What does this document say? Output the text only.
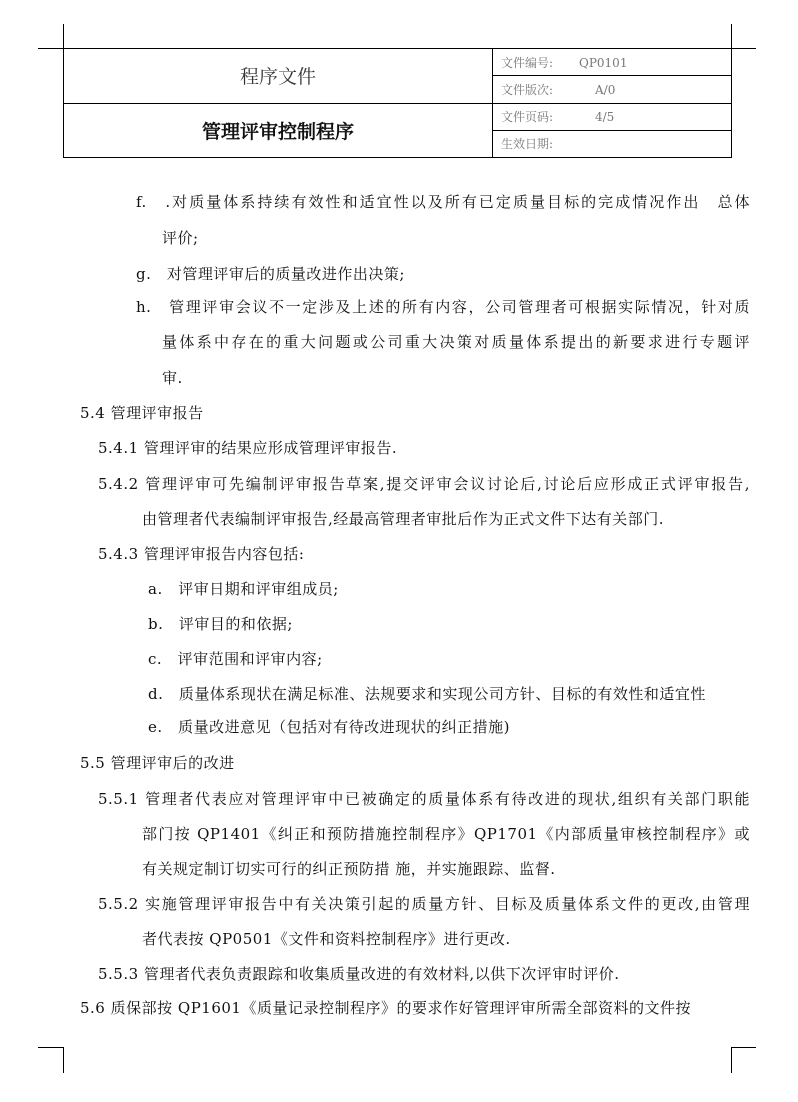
程序文件	文件编号: QP0101
	文件版次: A/0
管理评审控制程序	文件页码: 4/5
	生效日期:
f.　.对质量体系持续有效性和适宜性以及所有已定质量目标的完成情况作出　总体
评价;
g.　对管理评审后的质量改进作出决策;
h.　管理评审会议不一定涉及上述的所有内容，公司管理者可根据实际情况，针对质
量体系中存在的重大问题或公司重大决策对质量体系提出的新要求进行专题评
审.
5.4 管理评审报告
5.4.1 管理评审的结果应形成管理评审报告.
5.4.2 管理评审可先编制评审报告草案,提交评审会议讨论后,讨论后应形成正式评审报告,
由管理者代表编制评审报告,经最高管理者审批后作为正式文件下达有关部门.
5.4.3 管理评审报告内容包括:
a.　评审日期和评审组成员;
b.　评审目的和依据;
c.　评审范围和评审内容;
d.　质量体系现状在满足标准、法规要求和实现公司方针、目标的有效性和适宜性
e.　质量改进意见（包括对有待改进现状的纠正措施)
5.5 管理评审后的改进
5.5.1 管理者代表应对管理评审中已被确定的质量体系有待改进的现状,组织有关部门职能
部门按 QP1401《纠正和预防措施控制程序》QP1701《内部质量审核控制程序》或
有关规定制订切实可行的纠正预防措 施，并实施跟踪、监督.
5.5.2 实施管理评审报告中有关决策引起的质量方针、目标及质量体系文件的更改,由管理
者代表按 QP0501《文件和资料控制程序》进行更改.
5.5.3 管理者代表负责跟踪和收集质量改进的有效材料,以供下次评审时评价.
5.6 质保部按 QP1601《质量记录控制程序》的要求作好管理评审所需全部资料的文件按
